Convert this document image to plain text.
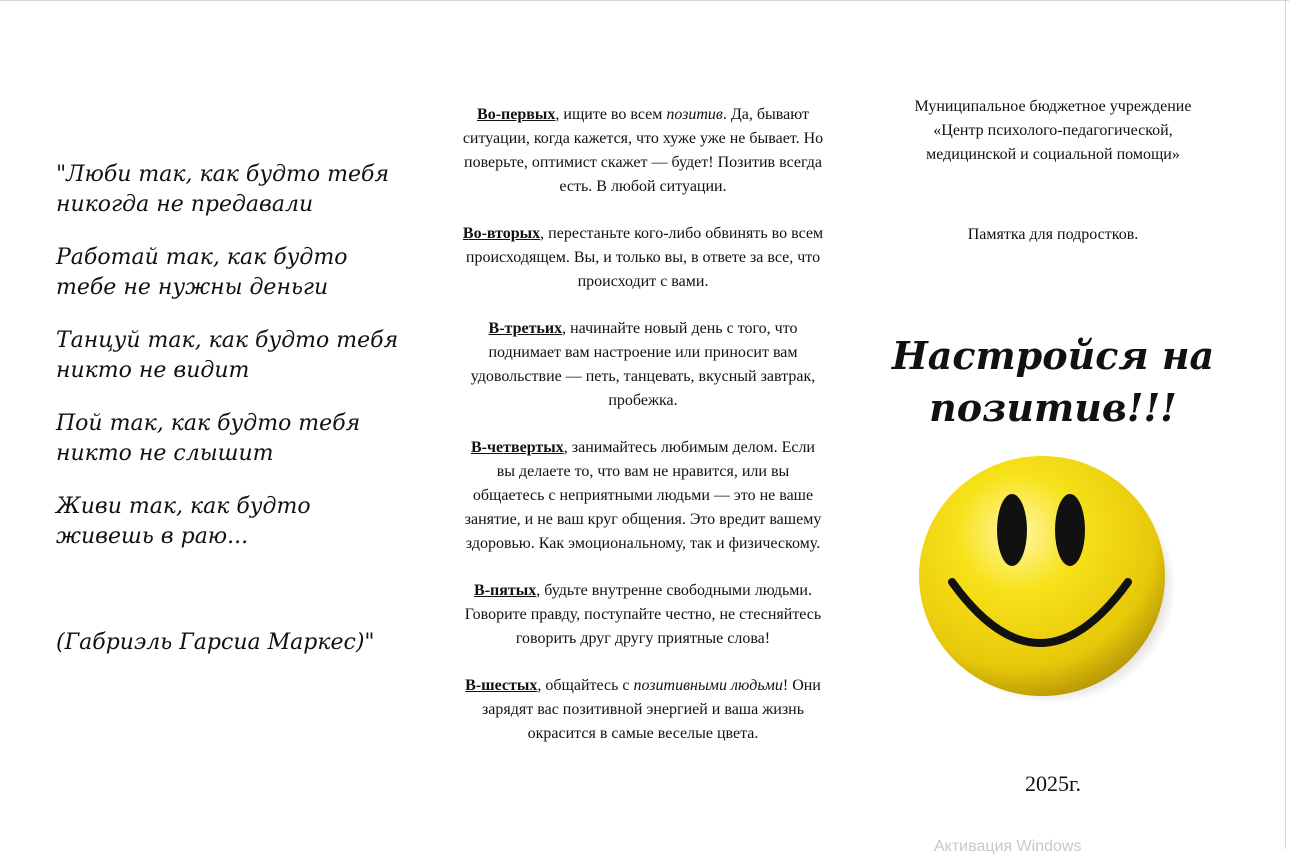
"Люби так, как будто тебя никогда не предавали

Работай так, как будто тебе не нужны деньги

Танцуй так, как будто тебя никто не видит

Пой так, как будто тебя никто не слышит

Живи так, как будто живешь в раю...

(Габриэль Гарсиа Маркес)"

Во-первых, ищите во всем позитив. Да, бывают ситуации, когда кажется, что хуже уже не бывает. Но поверьте, оптимист скажет — будет! Позитив всегда есть. В любой ситуации.

Во-вторых, перестаньте кого-либо обвинять во всем происходящем. Вы, и только вы, в ответе за все, что происходит с вами.

В-третьих, начинайте новый день с того, что поднимает вам настроение или приносит вам удовольствие — петь, танцевать, вкусный завтрак, пробежка.

В-четвертых, занимайтесь любимым делом. Если вы делаете то, что вам не нравится, или вы общаетесь с неприятными людьми — это не ваше занятие, и не ваш круг общения. Это вредит вашему здоровью. Как эмоциональному, так и физическому.

В-пятых, будьте внутренне свободными людьми. Говорите правду, поступайте честно, не стесняйтесь говорить друг другу приятные слова!

В-шестых, общайтесь с позитивными людьми! Они зарядят вас позитивной энергией и ваша жизнь окрасится в самые веселые цвета.

Муниципальное бюджетное учреждение
«Центр психолого-педагогической,
медицинской и социальной помощи»
Памятка для подростков.
Настройся на
позитив!!!
2025г.
Активация Windows
